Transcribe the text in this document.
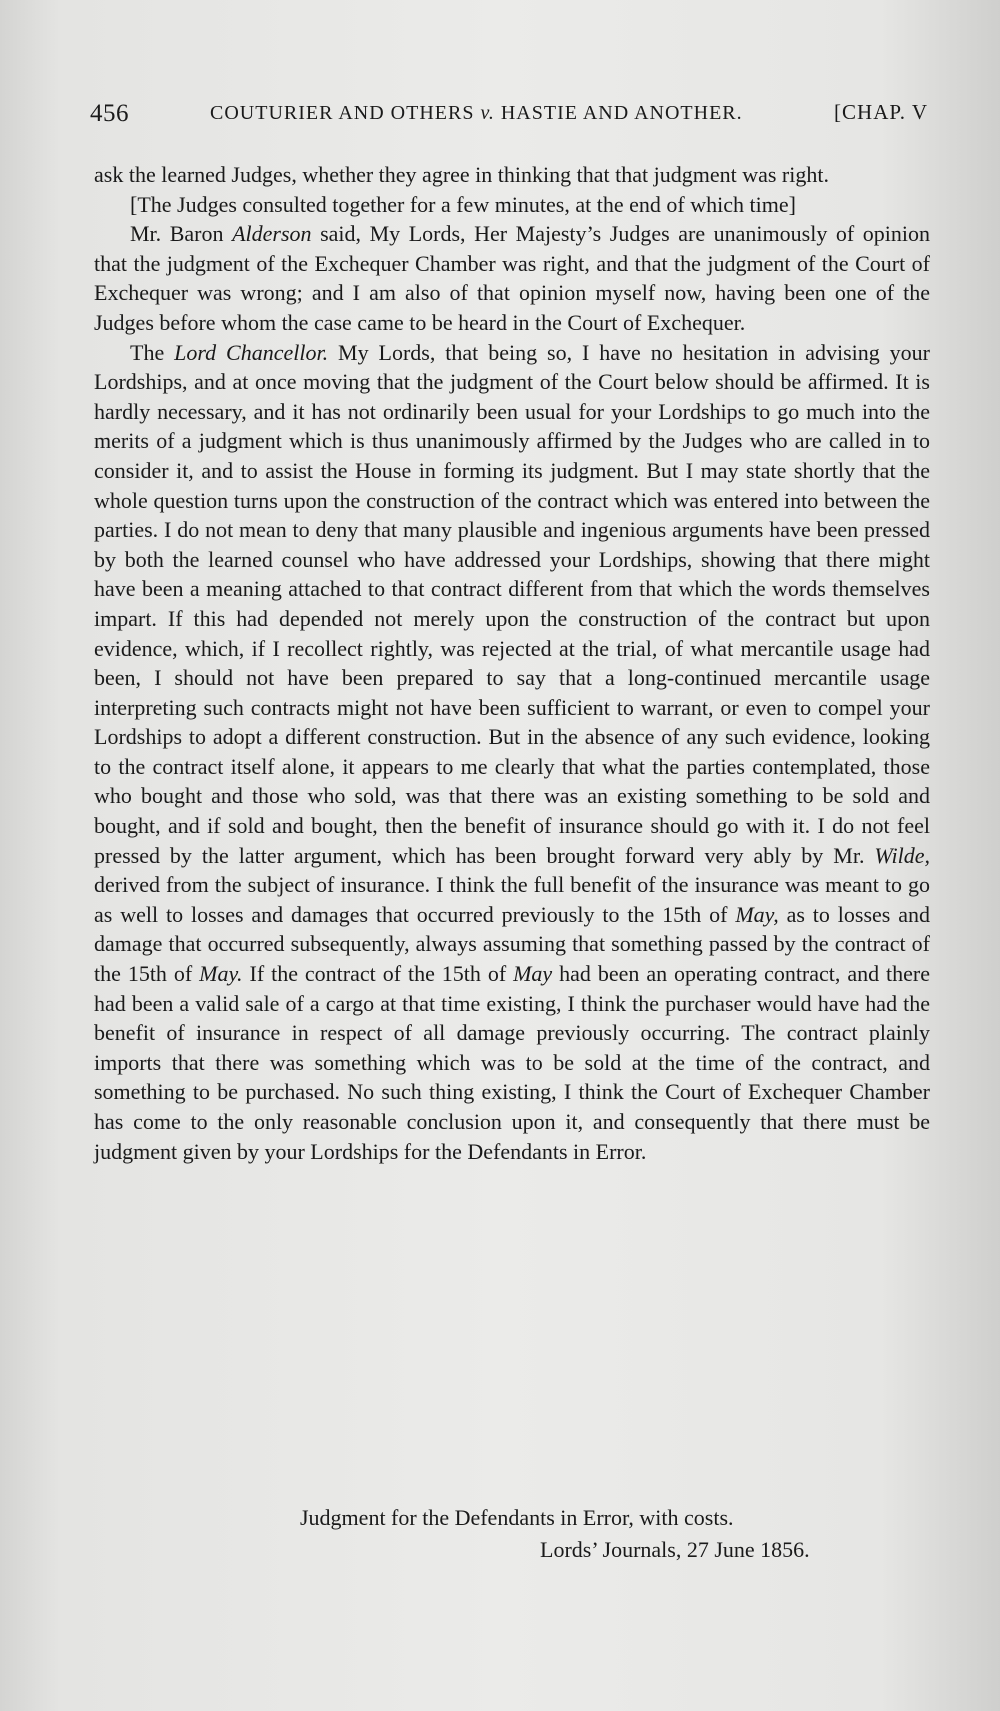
456	COUTURIER AND OTHERS v. HASTIE AND ANOTHER.	[CHAP. V

ask the learned Judges, whether they agree in thinking that that judgment was right.

[The Judges consulted together for a few minutes, at the end of which time]

Mr. Baron Alderson said, My Lords, Her Majesty’s Judges are unanimously of opinion that the judgment of the Exchequer Chamber was right, and that the judgment of the Court of Exchequer was wrong; and I am also of that opinion myself now, having been one of the Judges before whom the case came to be heard in the Court of Exchequer.

The Lord Chancellor. My Lords, that being so, I have no hesitation in advising your Lordships, and at once moving that the judgment of the Court below should be affirmed. It is hardly necessary, and it has not ordinarily been usual for your Lordships to go much into the merits of a judgment which is thus unanimously affirmed by the Judges who are called in to consider it, and to assist the House in forming its judgment. But I may state shortly that the whole question turns upon the construction of the contract which was entered into between the parties. I do not mean to deny that many plausible and ingenious arguments have been pressed by both the learned counsel who have addressed your Lordships, showing that there might have been a meaning attached to that contract different from that which the words themselves impart. If this had depended not merely upon the construction of the contract but upon evidence, which, if I recollect rightly, was rejected at the trial, of what mercantile usage had been, I should not have been prepared to say that a long-continued mercantile usage interpreting such contracts might not have been sufficient to warrant, or even to compel your Lordships to adopt a different construction. But in the absence of any such evidence, looking to the contract itself alone, it appears to me clearly that what the parties contemplated, those who bought and those who sold, was that there was an existing something to be sold and bought, and if sold and bought, then the benefit of insurance should go with it. I do not feel pressed by the latter argument, which has been brought forward very ably by Mr. Wilde, derived from the subject of insurance. I think the full benefit of the insurance was meant to go as well to losses and damages that occurred previously to the 15th of May, as to losses and damage that occurred subsequently, always assuming that something passed by the contract of the 15th of May. If the contract of the 15th of May had been an operating contract, and there had been a valid sale of a cargo at that time existing, I think the purchaser would have had the benefit of insurance in respect of all damage previously occurring. The contract plainly imports that there was something which was to be sold at the time of the contract, and something to be purchased. No such thing existing, I think the Court of Exchequer Chamber has come to the only reasonable conclusion upon it, and consequently that there must be judgment given by your Lordships for the Defendants in Error.

Judgment for the Defendants in Error, with costs.
Lords’ Journals, 27 June 1856.
